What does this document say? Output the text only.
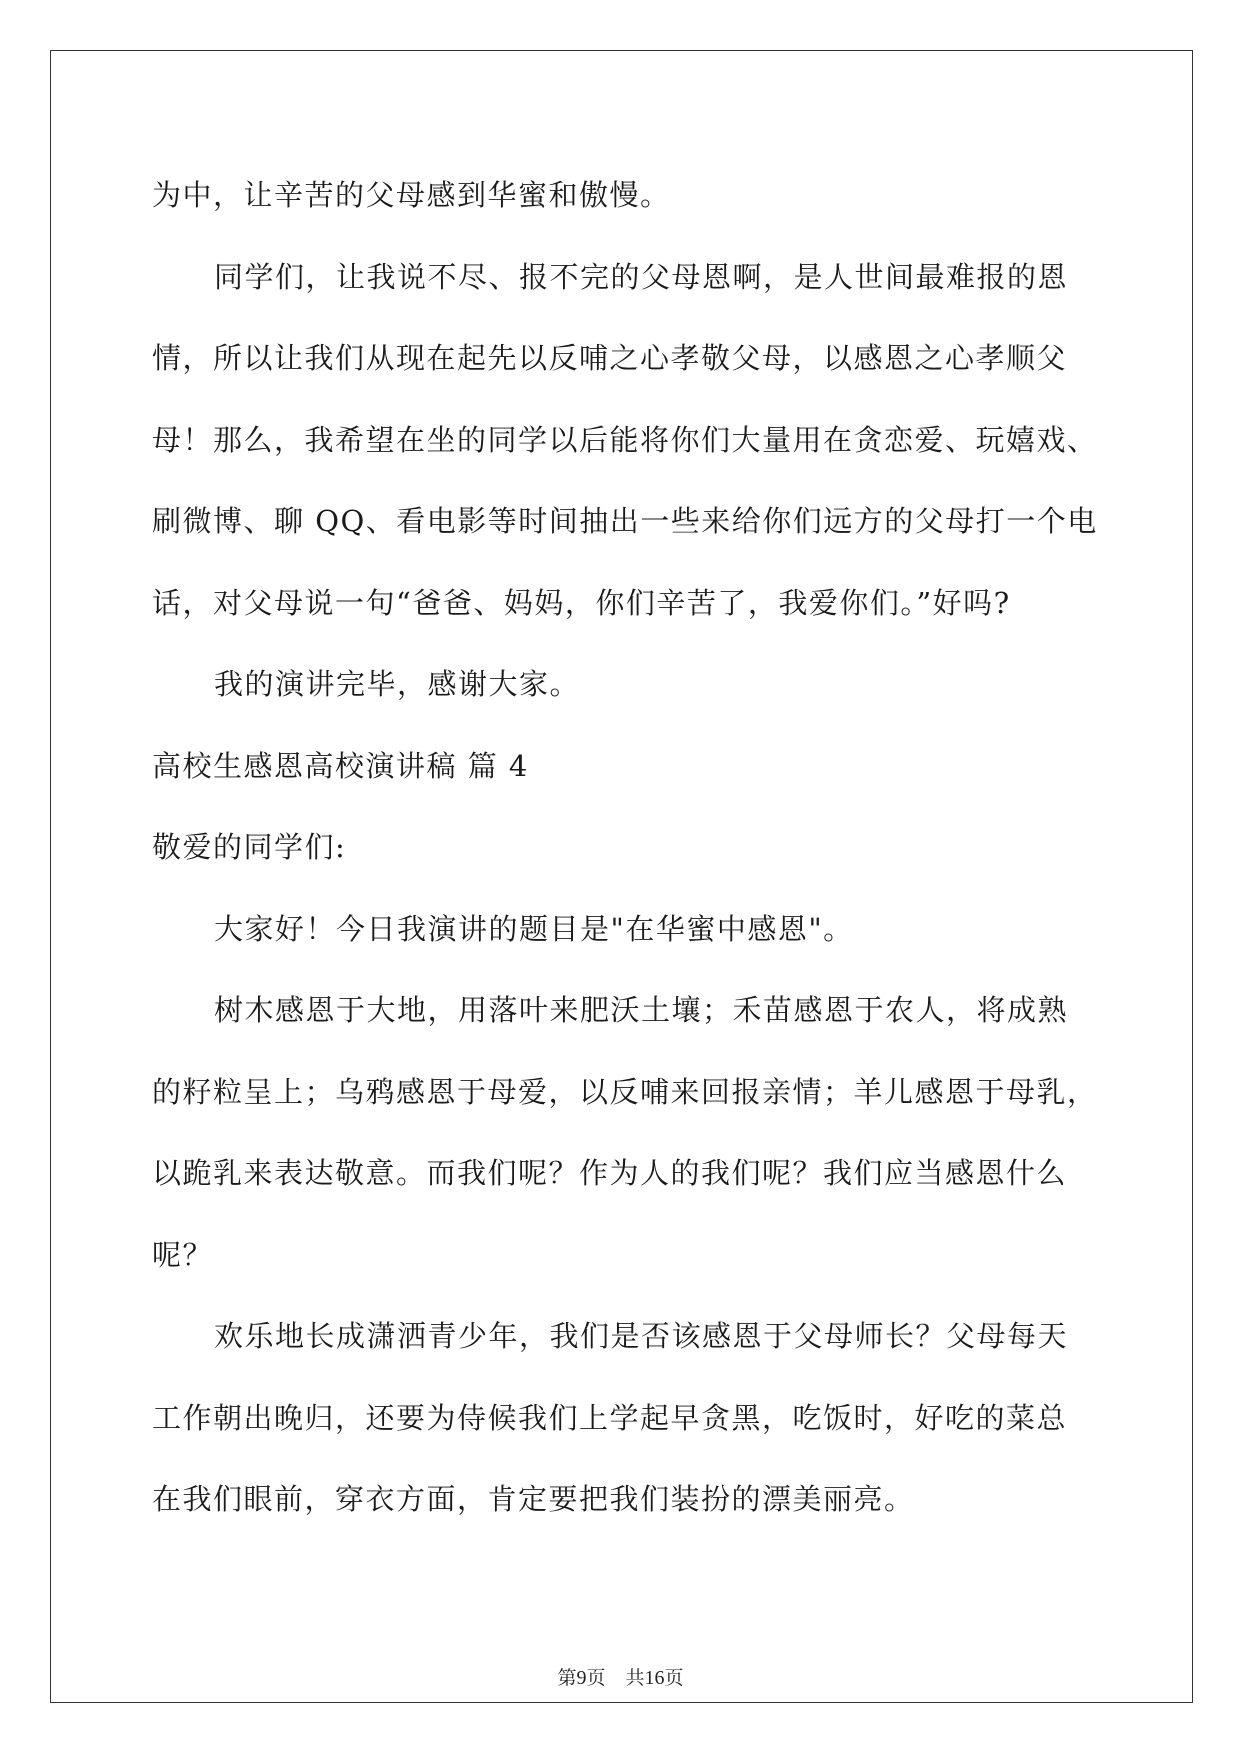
为中，让辛苦的父母感到华蜜和傲慢。
同学们，让我说不尽、报不完的父母恩啊，是人世间最难报的恩
情，所以让我们从现在起先以反哺之心孝敬父母，以感恩之心孝顺父
母！那么，我希望在坐的同学以后能将你们大量用在贪恋爱、玩嬉戏、
刷微博、聊 QQ、看电影等时间抽出一些来给你们远方的父母打一个电
话，对父母说一句“爸爸、妈妈，你们辛苦了，我爱你们。”好吗?
我的演讲完毕，感谢大家。
高校生感恩高校演讲稿 篇 4
敬爱的同学们:
大家好！今日我演讲的题目是"在华蜜中感恩"。
树木感恩于大地，用落叶来肥沃土壤；禾苗感恩于农人，将成熟
的籽粒呈上；乌鸦感恩于母爱，以反哺来回报亲情；羊儿感恩于母乳，
以跪乳来表达敬意。而我们呢？作为人的我们呢？我们应当感恩什么
呢？
欢乐地长成潇洒青少年，我们是否该感恩于父母师长？父母每天
工作朝出晚归，还要为侍候我们上学起早贪黑，吃饭时，好吃的菜总
在我们眼前，穿衣方面，肯定要把我们装扮的漂美丽亮。
第9页 共16页
